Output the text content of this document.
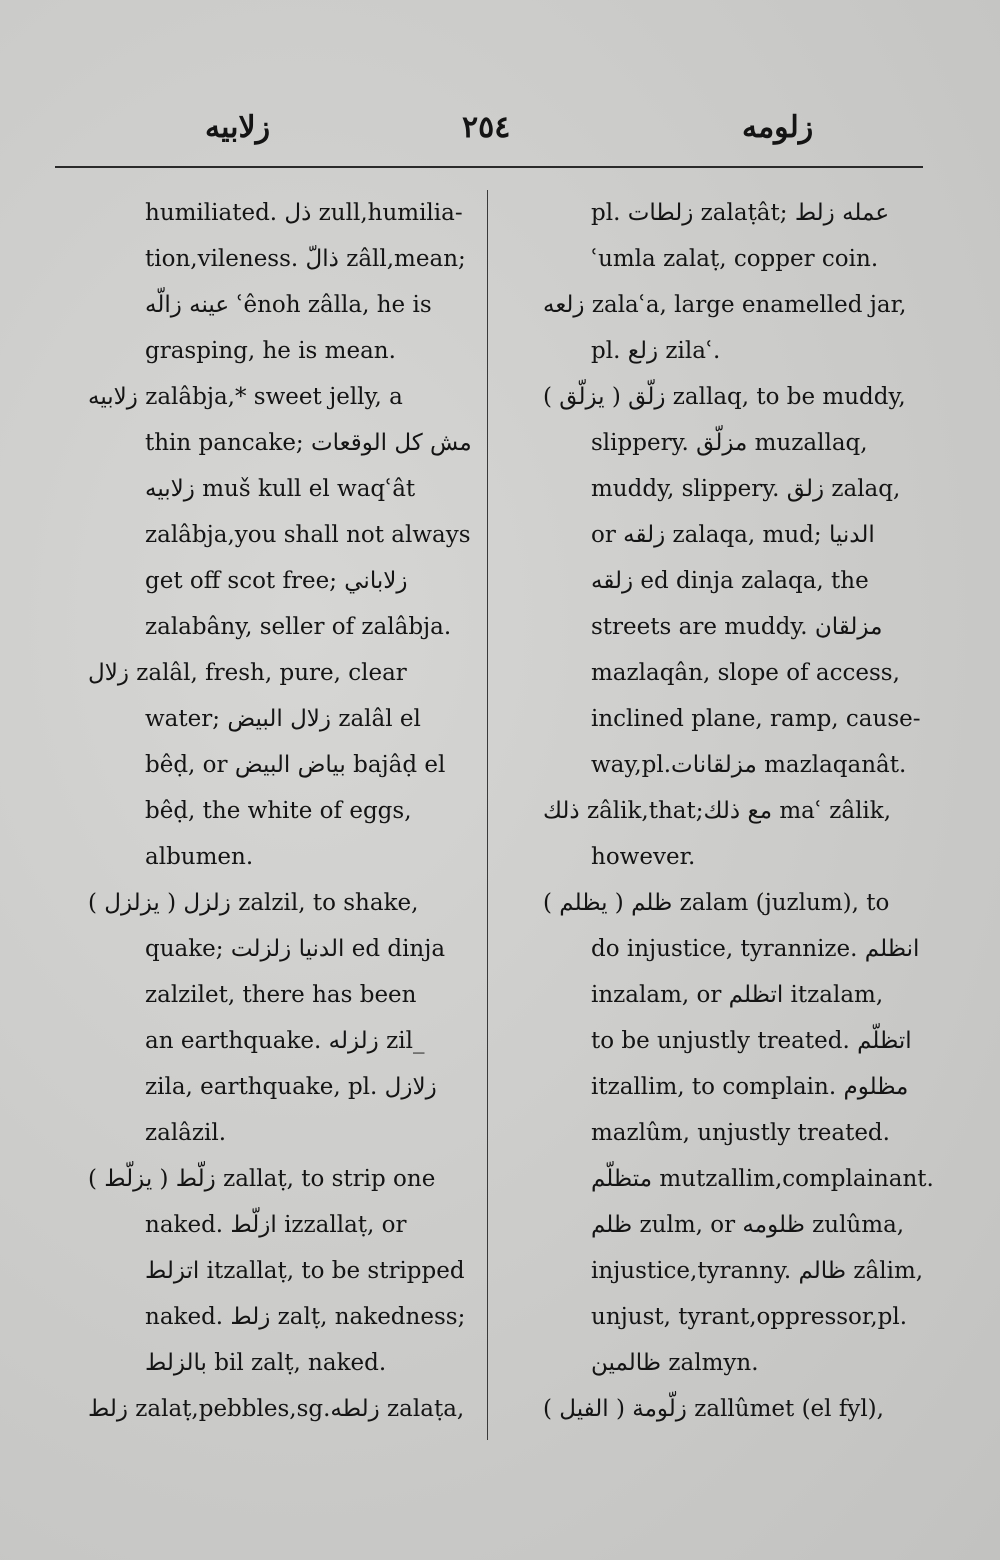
زلابيه	٢٥٤	زلومه
humiliated. ذل zull,humilia-
tion,vileness. ذالّ zâll,mean;
عينه زالّه ʿênoh zâlla, he is
grasping, he is mean.
زلابيه zalâbja,* sweet jelly, a
thin pancake; مش كل الوقعات
زلابيه muš kull el waqʿât
zalâbja,you shall not always
get off scot free; زلاباني
zalabâny, seller of zalâbja.
زلال zalâl, fresh, pure, clear
water; زلال البيض zalâl el
bêḍ, or بياض البيض bajâḍ el
bêḍ, the white of eggs,
albumen.
زلزل ( يزلزل ) zalzil, to shake,
quake; الدنيا زلزلت ed dinja
zalzilet, there has been
an earthquake. زلزله zil_
zila, earthquake, pl. زلازل
zalâzil.
زلّط ( يزلّط ) zallaṭ, to strip one
naked. ازلّط izzallaṭ, or
اتزلط itzallaṭ, to be stripped
naked. زلط zalṭ, nakedness;
بالزلط bil zalṭ, naked.
زلط zalaṭ,pebbles,sg.زلطه zalaṭa,
pl. زلطات zalaṭât; عمله زلط
ʿumla zalaṭ, copper coin.
زلعه zalaʿa, large enamelled jar,
pl. زلع zilaʿ.
زلّق ( يزلّق ) zallaq, to be muddy,
slippery. مزلّق muzallaq,
muddy, slippery. زلق zalaq,
or زلقه zalaqa, mud; الدنيا
زلقه ed dinja zalaqa, the
streets are muddy. مزلقان
mazlaqân, slope of access,
inclined plane, ramp, cause-
way,pl.مزلقانات mazlaqanât.
ذلك zâlik,that;مع ذلك maʿ zâlik,
however.
ظلم ( يظلم ) zalam (juzlum), to
do injustice, tyrannize. انظلم
inzalam, or اتظلم itzalam,
to be unjustly treated. اتظلّم
itzallim, to complain. مظلوم
mazlûm, unjustly treated.
متظلّم mutzallim,complainant.
ظلم zulm, or ظلومه zulûma,
injustice,tyranny. ظالم zâlim,
unjust, tyrant,oppressor,pl.
ظالمين zalmyn.
زلّومة ( الفيل ) zallûmet (el fyl),
